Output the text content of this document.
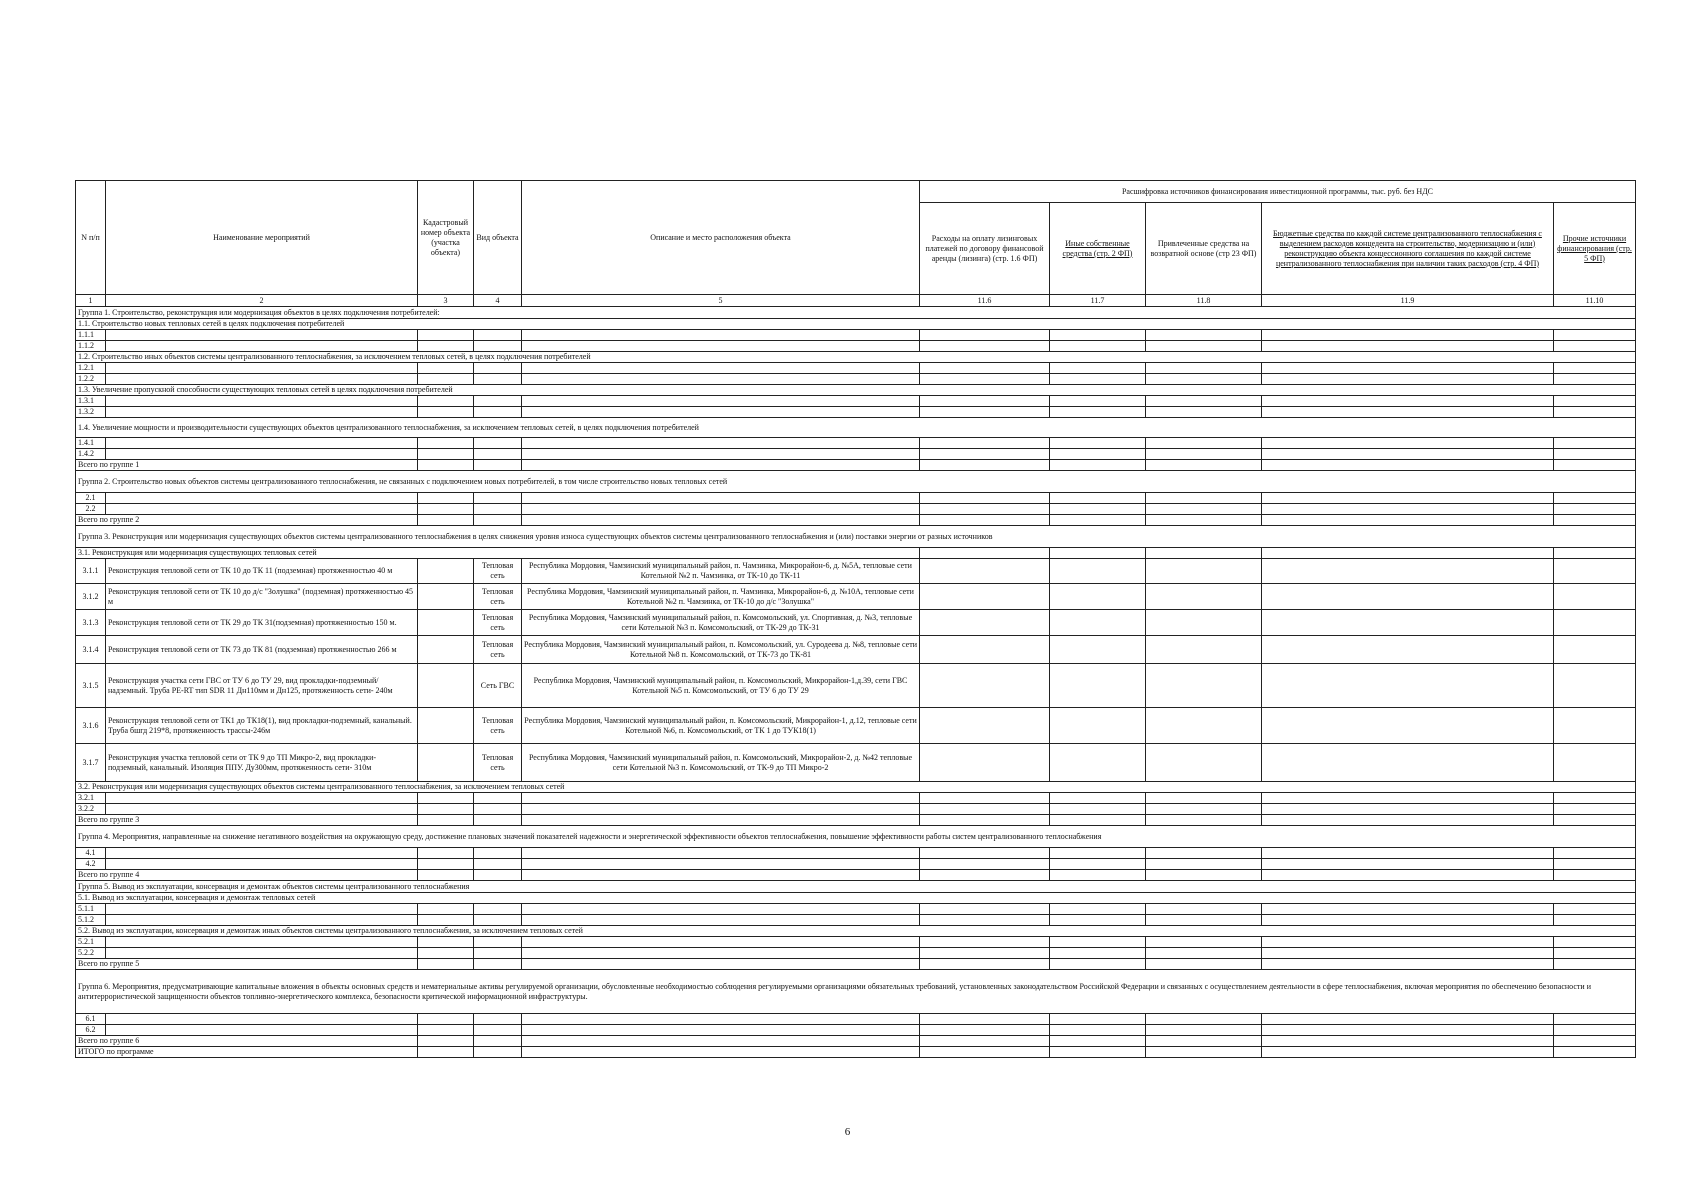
N п/п	Наименование мероприятий	Кадастровый номер объекта (участка объекта)	Вид объекта	Описание и место расположения объекта	Расшифровка источников финансирования инвестиционной программы, тыс. руб. без НДС				
					Расходы на оплату лизинговых платежей по договору финансовой аренды (лизинга) (стр. 1.6 ФП)	Иные собственные средства (стр. 2 ФП)	Привлеченные средства на возвратной основе (стр 23 ФП)	Бюджетные средства по каждой системе централизованного теплоснабжения с выделением расходов концедента на строительство, модернизацию и (или) реконструкцию объекта концессионного соглашения по каждой системе централизованного теплоснабжения при наличии таких расходов (стр. 4 ФП)	Прочие источники финансирования (стр. 5 ФП)
1	2	3	4	5	11.6	11.7	11.8	11.9	11.10
Группа 1. Строительство, реконструкция или модернизация объектов в целях подключения потребителей:									
1.1. Строительство новых тепловых сетей в целях подключения потребителей									
1.1.1									
1.1.2									
1.2. Строительство иных объектов системы централизованного теплоснабжения, за исключением тепловых сетей, в целях подключения потребителей									
1.2.1									
1.2.2									
1.3. Увеличение пропускной способности существующих тепловых сетей в целях подключения потребителей									
1.3.1									
1.3.2									
1.4. Увеличение мощности и производительности существующих объектов централизованного теплоснабжения, за исключением тепловых сетей, в целях подключения потребителей									
1.4.1									
1.4.2									
Всего по группе 1									
Группа 2. Строительство новых объектов системы централизованного теплоснабжения, не связанных с подключением новых потребителей, в том числе строительство новых тепловых сетей									
2.1									
2.2									
Всего по группе 2									
Группа 3. Реконструкция или модернизация существующих объектов системы централизованного теплоснабжения в целях снижения уровня износа существующих объектов системы централизованного теплоснабжения и (или) поставки энергии от разных источников									
3.1. Реконструкция или модернизация существующих тепловых сетей									
3.1.1	Реконструкция тепловой сети от ТК 10 до ТК 11 (подземная) протяженностью 40 м		Тепловая сеть	Республика Мордовия, Чамзинский муниципальный район, п. Чамзинка, Микрорайон-6, д. №5А, тепловые сети Котельной №2 п. Чамзинка, от ТК-10 до ТК-11					
3.1.2	Реконструкция тепловой сети от ТК 10 до д/с "Золушка" (подземная) протяженностью 45 м		Тепловая сеть	Республика Мордовия, Чамзинский муниципальный район, п. Чамзинка, Микрорайон-6, д. №10А, тепловые сети Котельной №2 п. Чамзинка, от ТК-10 до д/с "Золушка"					
3.1.3	Реконструкция тепловой сети от ТК 29 до ТК 31(подземная) протяженностью 150 м.		Тепловая сеть	Республика Мордовия, Чамзинский муниципальный район, п. Комсомольский, ул. Спортивная, д. №3, тепловые сети Котельной №3 п. Комсомольский, от ТК-29 до ТК-31					
3.1.4	Реконструкция тепловой сети от ТК 73 до ТК 81 (подземная) протяженностью 266 м		Тепловая сеть	Республика Мордовия, Чамзинский муниципальный район, п. Комсомольский, ул. Суродеева д. №8, тепловые сети Котельной №8 п. Комсомольский, от ТК-73 до ТК-81					
3.1.5	Реконструкция участка сети ГВС от ТУ 6 до ТУ 29, вид прокладки-подземный/надземный. Труба PE-RT тип SDR 11 Дн110мм и Дн125, протяженность сети- 240м		Сеть ГВС	Республика Мордовия, Чамзинский муниципальный район, п. Комсомольский, Микрорайон-1,д.39, сети ГВС Котельной №5 п. Комсомольский, от ТУ 6 до ТУ 29					
3.1.6	Реконструкция тепловой сети от ТК1 до ТК18(1), вид прокладки-подземный, канальный. Труба бшгд 219*8, протяженность трассы-246м		Тепловая сеть	Республика Мордовия, Чамзинский муниципальный район, п. Комсомольский, Микрорайон-1, д.12, тепловые сети Котельной №6, п. Комсомольский, от ТК 1 до ТУК18(1)					
3.1.7	Реконструкция участка тепловой сети от ТК 9 до ТП Микро-2, вид прокладки-подземный, канальный. Изоляция ППУ. Ду300мм, протяженность сети- 310м		Тепловая сеть	Республика Мордовия, Чамзинский муниципальный район, п. Комсомольский, Микрорайон-2, д. №42 тепловые сети Котельной №3 п. Комсомольский, от ТК-9 до ТП Микро-2					
3.2. Реконструкция или модернизация существующих объектов системы централизованного теплоснабжения, за исключением тепловых сетей									
3.2.1									
3.2.2									
Всего по группе 3									
Группа 4. Мероприятия, направленные на снижение негативного воздействия на окружающую среду, достижение плановых значений показателей надежности и энергетической эффективности объектов теплоснабжения, повышение эффективности работы систем централизованного теплоснабжения									
4.1									
4.2									
Всего по группе 4									
Группа 5. Вывод из эксплуатации, консервация и демонтаж объектов системы централизованного теплоснабжения									
5.1. Вывод из эксплуатации, консервация и демонтаж тепловых сетей									
5.1.1									
5.1.2									
5.2. Вывод из эксплуатации, консервация и демонтаж иных объектов системы централизованного теплоснабжения, за исключением тепловых сетей									
5.2.1									
5.2.2									
Всего по группе 5									
Группа 6. Мероприятия, предусматривающие капитальные вложения в объекты основных средств и нематериальные активы регулируемой организации, обусловленные необходимостью соблюдения регулируемыми организациями обязательных требований, установленных законодательством Российской Федерации и связанных с осуществлением деятельности в сфере теплоснабжения, включая мероприятия по обеспечению безопасности и антитеррористической защищенности объектов топливно-энергетического комплекса, безопасности критической информационной инфраструктуры.									
6.1									
6.2									
Всего по группе 6									
ИТОГО по программе									
6
